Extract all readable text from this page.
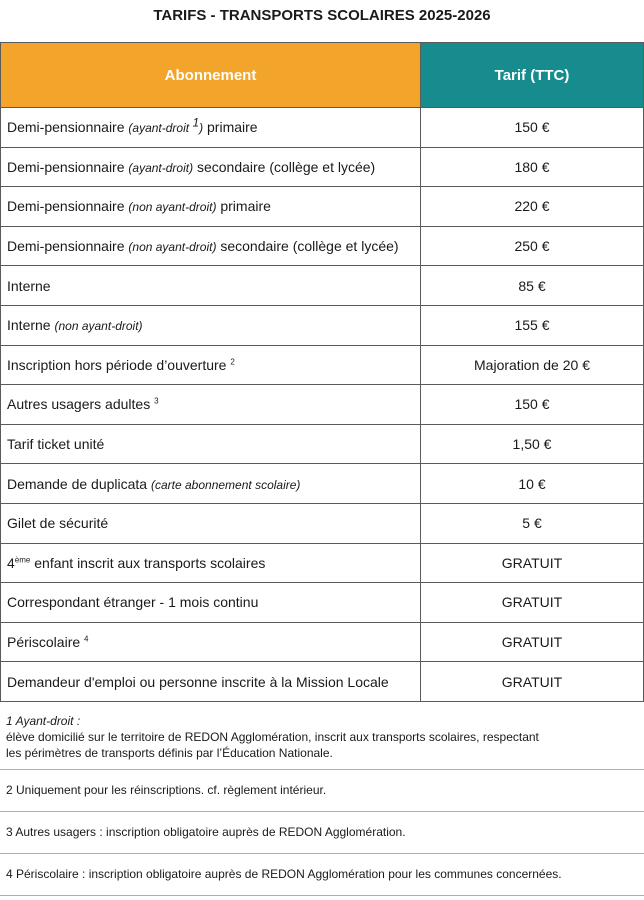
TARIFS - TRANSPORTS SCOLAIRES 2025-2026
Abonnement	Tarif (TTC)
Demi-pensionnaire (ayant-droit $^1$) primaire	150 €
Demi-pensionnaire (ayant-droit) secondaire (collège et lycée)	180 €
Demi-pensionnaire (non ayant-droit) primaire	220 €
Demi-pensionnaire (non ayant-droit) secondaire (collège et lycée)	250 €
Interne	85 €
Interne (non ayant-droit)	155 €
Inscription hors période d’ouverture $^2$	Majoration de 20 €
Autres usagers adultes $^3$	150 €
Tarif ticket unité	1,50 €
Demande de duplicata (carte abonnement scolaire)	10 €
Gilet de sécurité	5 €
4ème enfant inscrit aux transports scolaires	GRATUIT
Correspondant étranger - 1 mois continu	GRATUIT
Périscolaire $^4$	GRATUIT
Demandeur d'emploi ou personne inscrite à la Mission Locale	GRATUIT
1 Ayant-droit :
élève domicilié sur le territoire de REDON Agglomération, inscrit aux transports scolaires, respectant
les périmètres de transports définis par l’Éducation Nationale.
2 Uniquement pour les réinscriptions. cf. règlement intérieur.
3 Autres usagers : inscription obligatoire auprès de REDON Agglomération.
4 Périscolaire : inscription obligatoire auprès de REDON Agglomération pour les communes concernées.
